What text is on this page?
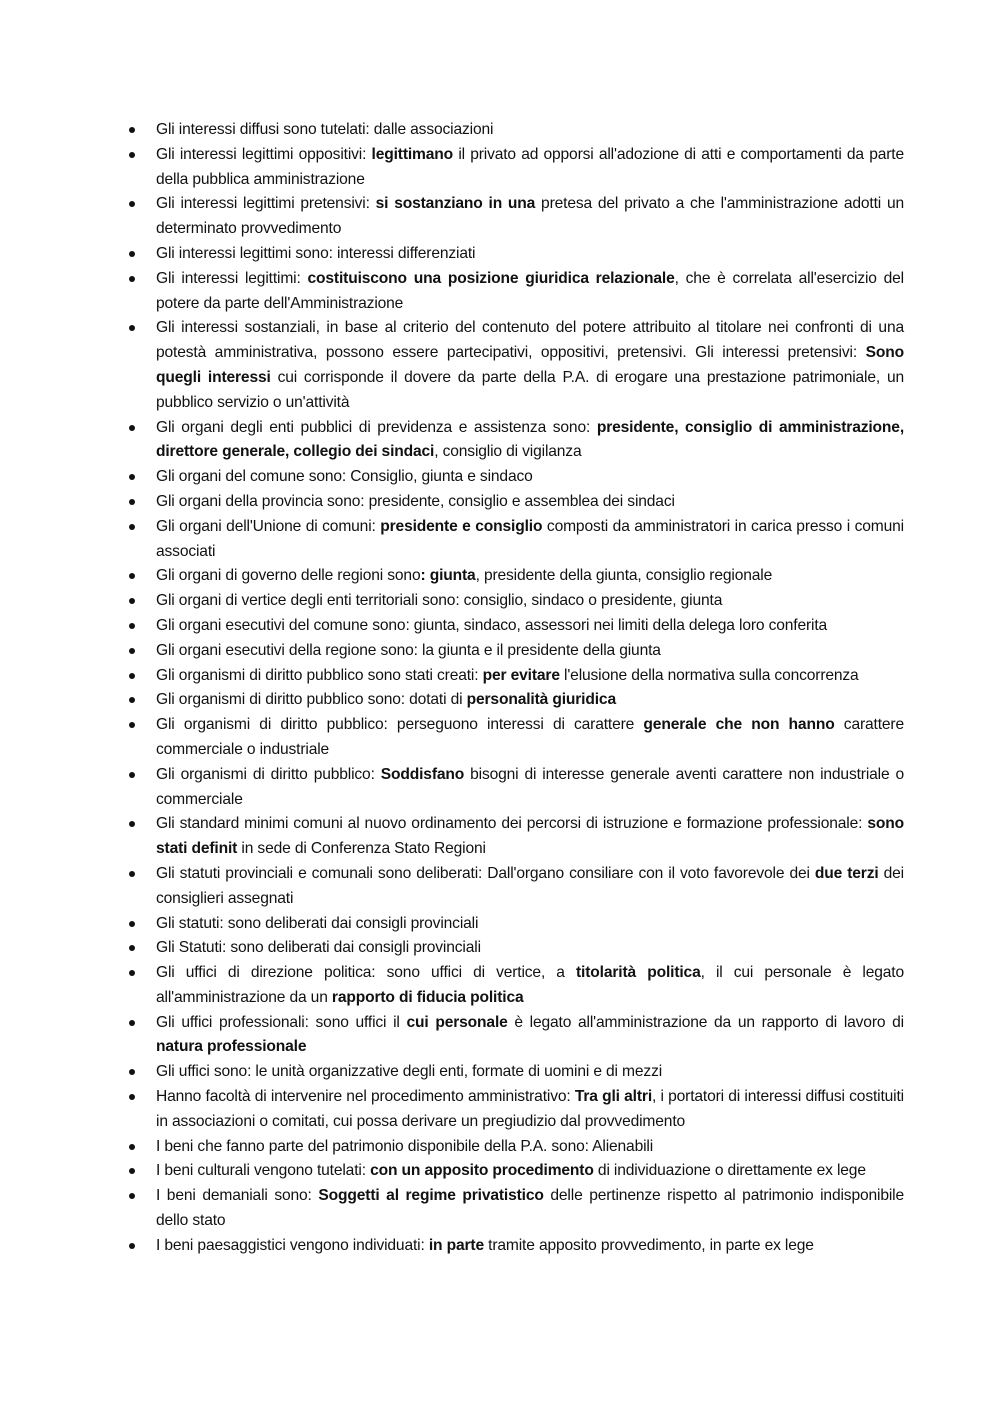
Gli interessi diffusi sono tutelati: dalle associazioni
Gli interessi legittimi oppositivi: legittimano il privato ad opporsi all'adozione di atti e comportamenti da parte della pubblica amministrazione
Gli interessi legittimi pretensivi: si sostanziano in una pretesa del privato a che l'amministrazione adotti un determinato provvedimento
Gli interessi legittimi sono: interessi differenziati
Gli interessi legittimi: costituiscono una posizione giuridica relazionale, che è correlata all'esercizio del potere da parte dell'Amministrazione
Gli interessi sostanziali, in base al criterio del contenuto del potere attribuito al titolare nei confronti di una potestà amministrativa, possono essere partecipativi, oppositivi, pretensivi. Gli interessi pretensivi: Sono quegli interessi cui corrisponde il dovere da parte della P.A. di erogare una prestazione patrimoniale, un pubblico servizio o un'attività
Gli organi degli enti pubblici di previdenza e assistenza sono: presidente, consiglio di amministrazione, direttore generale, collegio dei sindaci, consiglio di vigilanza
Gli organi del comune sono: Consiglio, giunta e sindaco
Gli organi della provincia sono: presidente, consiglio e assemblea dei sindaci
Gli organi dell'Unione di comuni: presidente e consiglio composti da amministratori in carica presso i comuni associati
Gli organi di governo delle regioni sono: giunta, presidente della giunta, consiglio regionale
Gli organi di vertice degli enti territoriali sono: consiglio, sindaco o presidente, giunta
Gli organi esecutivi del comune sono: giunta, sindaco, assessori nei limiti della delega loro conferita
Gli organi esecutivi della regione sono: la giunta e il presidente della giunta
Gli organismi di diritto pubblico sono stati creati: per evitare l'elusione della normativa sulla concorrenza
Gli organismi di diritto pubblico sono: dotati di personalità giuridica
Gli organismi di diritto pubblico: perseguono interessi di carattere generale che non hanno carattere commerciale o industriale
Gli organismi di diritto pubblico: Soddisfano bisogni di interesse generale aventi carattere non industriale o commerciale
Gli standard minimi comuni al nuovo ordinamento dei percorsi di istruzione e formazione professionale: sono stati definit in sede di Conferenza Stato Regioni
Gli statuti provinciali e comunali sono deliberati: Dall'organo consiliare con il voto favorevole dei due terzi dei consiglieri assegnati
Gli statuti: sono deliberati dai consigli provinciali
Gli Statuti: sono deliberati dai consigli provinciali
Gli uffici di direzione politica: sono uffici di vertice, a titolarità politica, il cui personale è legato all'amministrazione da un rapporto di fiducia politica
Gli uffici professionali: sono uffici il cui personale è legato all'amministrazione da un rapporto di lavoro di natura professionale
Gli uffici sono: le unità organizzative degli enti, formate di uomini e di mezzi
Hanno facoltà di intervenire nel procedimento amministrativo: Tra gli altri, i portatori di interessi diffusi costituiti in associazioni o comitati, cui possa derivare un pregiudizio dal provvedimento
I beni che fanno parte del patrimonio disponibile della P.A. sono: Alienabili
I beni culturali vengono tutelati: con un apposito procedimento di individuazione o direttamente ex lege
I beni demaniali sono: Soggetti al regime privatistico delle pertinenze rispetto al patrimonio indisponibile dello stato
I beni paesaggistici vengono individuati: in parte tramite apposito provvedimento, in parte ex lege
